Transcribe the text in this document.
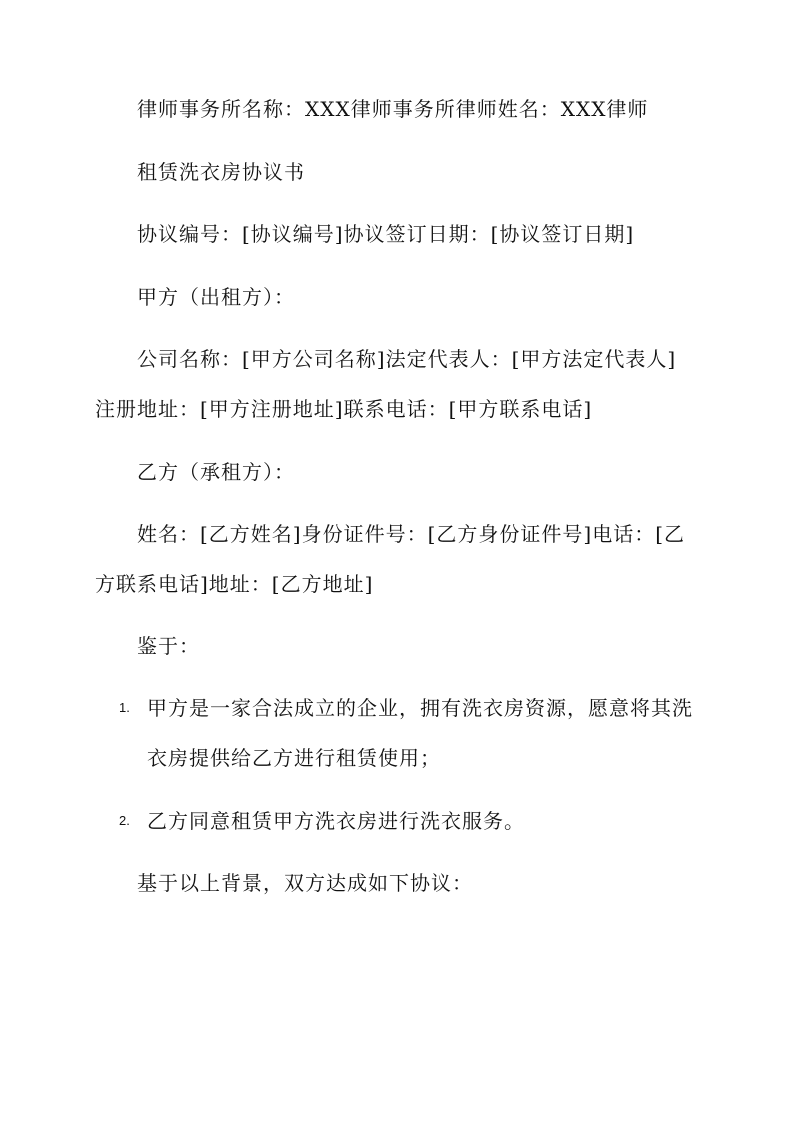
律师事务所名称：XXX律师事务所律师姓名：XXX律师
租赁洗衣房协议书
协议编号：[协议编号]协议签订日期：[协议签订日期]
甲方（出租方）：
公司名称：[甲方公司名称]法定代表人：[甲方法定代表人]
注册地址：[甲方注册地址]联系电话：[甲方联系电话]
乙方（承租方）：
姓名：[乙方姓名]身份证件号：[乙方身份证件号]电话：[乙
方联系电话]地址：[乙方地址]
鉴于：
1. 甲方是一家合法成立的企业，拥有洗衣房资源，愿意将其洗
衣房提供给乙方进行租赁使用；
2. 乙方同意租赁甲方洗衣房进行洗衣服务。
基于以上背景，双方达成如下协议：
